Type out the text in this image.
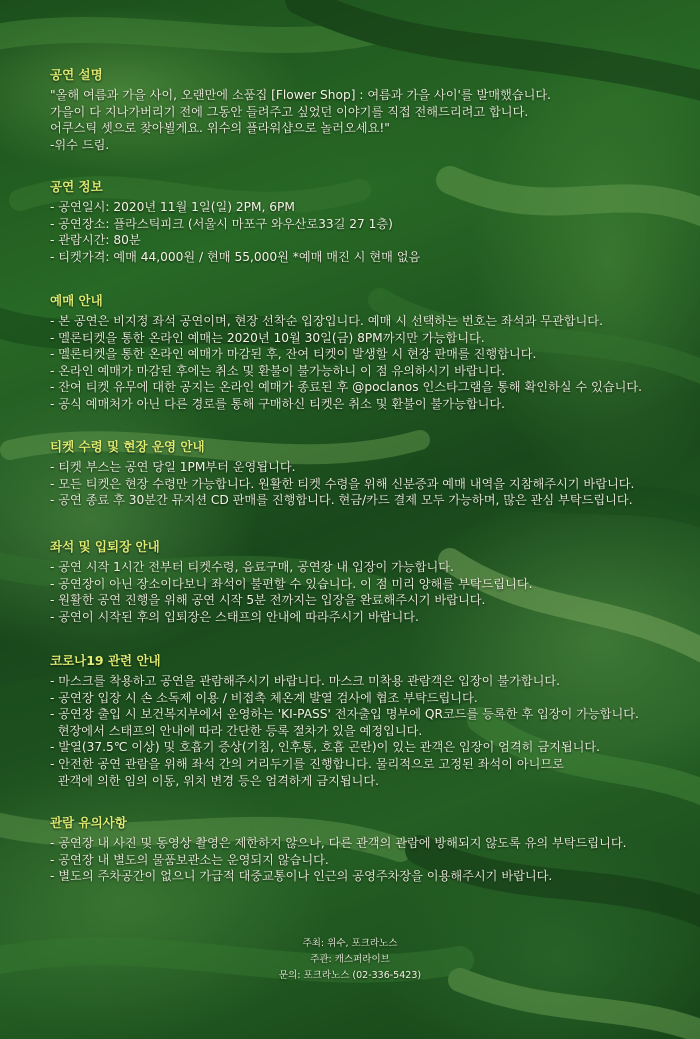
공연 설명
"올해 여름과 가을 사이, 오랜만에 소품집 [Flower Shop] : 여름과 가을 사이'를 발매했습니다.
가을이 다 지나가버리기 전에 그동안 들려주고 싶었던 이야기를 직접 전해드리려고 합니다.
어쿠스틱 셋으로 찾아뵐게요. 위수의 플라워샵으로 놀러오세요!"
-위수 드림.
공연 정보
- 공연일시: 2020년 11월 1일(일) 2PM, 6PM
- 공연장소: 플라스틱피크 (서울시 마포구 와우산로33길 27 1층)
- 관람시간: 80분
- 티켓가격: 예매 44,000원 / 현매 55,000원 *예매 매진 시 현매 없음
예매 안내
- 본 공연은 비지정 좌석 공연이며, 현장 선착순 입장입니다. 예매 시 선택하는 번호는 좌석과 무관합니다.
- 멜론티켓을 통한 온라인 예매는 2020년 10월 30일(금) 8PM까지만 가능합니다.
- 멜론티켓을 통한 온라인 예매가 마감된 후, 잔여 티켓이 발생할 시 현장 판매를 진행합니다.
- 온라인 예매가 마감된 후에는 취소 및 환불이 불가능하니 이 점 유의하시기 바랍니다.
- 잔여 티켓 유무에 대한 공지는 온라인 예매가 종료된 후 @poclanos 인스타그램을 통해 확인하실 수 있습니다.
- 공식 예매처가 아닌 다른 경로를 통해 구매하신 티켓은 취소 및 환불이 불가능합니다.
티켓 수령 및 현장 운영 안내
- 티켓 부스는 공연 당일 1PM부터 운영됩니다.
- 모든 티켓은 현장 수령만 가능합니다. 원활한 티켓 수령을 위해 신분증과 예매 내역을 지참해주시기 바랍니다.
- 공연 종료 후 30분간 뮤지션 CD 판매를 진행합니다. 현금/카드 결제 모두 가능하며, 많은 관심 부탁드립니다.
좌석 및 입퇴장 안내
- 공연 시작 1시간 전부터 티켓수령, 음료구매, 공연장 내 입장이 가능합니다.
- 공연장이 아닌 장소이다보니 좌석이 불편할 수 있습니다. 이 점 미리 양해를 부탁드립니다.
- 원활한 공연 진행을 위해 공연 시작 5분 전까지는 입장을 완료해주시기 바랍니다.
- 공연이 시작된 후의 입퇴장은 스태프의 안내에 따라주시기 바랍니다.
코로나19 관련 안내
- 마스크를 착용하고 공연을 관람해주시기 바랍니다. 마스크 미착용 관람객은 입장이 불가합니다.
- 공연장 입장 시 손 소독제 이용 / 비접촉 체온계 발열 검사에 협조 부탁드립니다.
- 공연장 출입 시 보건복지부에서 운영하는 'KI-PASS' 전자출입 명부에 QR코드를 등록한 후 입장이 가능합니다.
현장에서 스태프의 안내에 따라 간단한 등록 절차가 있을 예정입니다.
- 발열(37.5℃ 이상) 및 호흡기 증상(기침, 인후통, 호흡 곤란)이 있는 관객은 입장이 엄격히 금지됩니다.
- 안전한 공연 관람을 위해 좌석 간의 거리두기를 진행합니다. 물리적으로 고정된 좌석이 아니므로
관객에 의한 임의 이동, 위치 변경 등은 엄격하게 금지됩니다.
관람 유의사항
- 공연장 내 사진 및 동영상 촬영은 제한하지 않으나, 다른 관객의 관람에 방해되지 않도록 유의 부탁드립니다.
- 공연장 내 별도의 물품보관소는 운영되지 않습니다.
- 별도의 주차공간이 없으니 가급적 대중교통이나 인근의 공영주차장을 이용해주시기 바랍니다.
주최: 위수, 포크라노스
주관: 캐스퍼라이브
문의: 포크라노스 (02-336-5423)
